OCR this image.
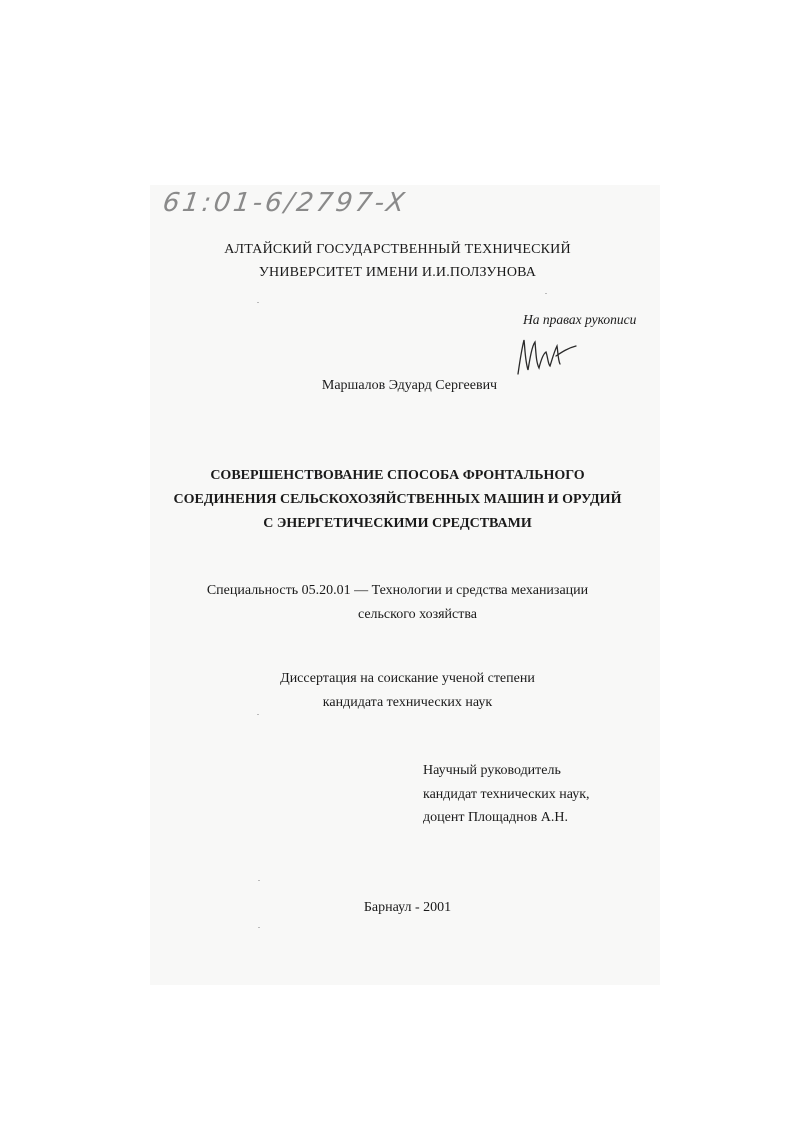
61:01-6/2797-X
АЛТАЙСКИЙ ГОСУДАРСТВЕННЫЙ ТЕХНИЧЕСКИЙ
УНИВЕРСИТЕТ ИМЕНИ И.И.ПОЛЗУНОВА
На правах рукописи
Маршалов Эдуард Сергеевич
СОВЕРШЕНСТВОВАНИЕ СПОСОБА ФРОНТАЛЬНОГО
СОЕДИНЕНИЯ СЕЛЬСКОХОЗЯЙСТВЕННЫХ МАШИН И ОРУДИЙ
С ЭНЕРГЕТИЧЕСКИМИ СРЕДСТВАМИ
Специальность 05.20.01 — Технологии и средства механизации
сельского хозяйства
Диссертация на соискание ученой степени
кандидата технических наук
Научный руководитель
кандидат технических наук,
доцент Площаднов А.Н.
Барнаул - 2001
